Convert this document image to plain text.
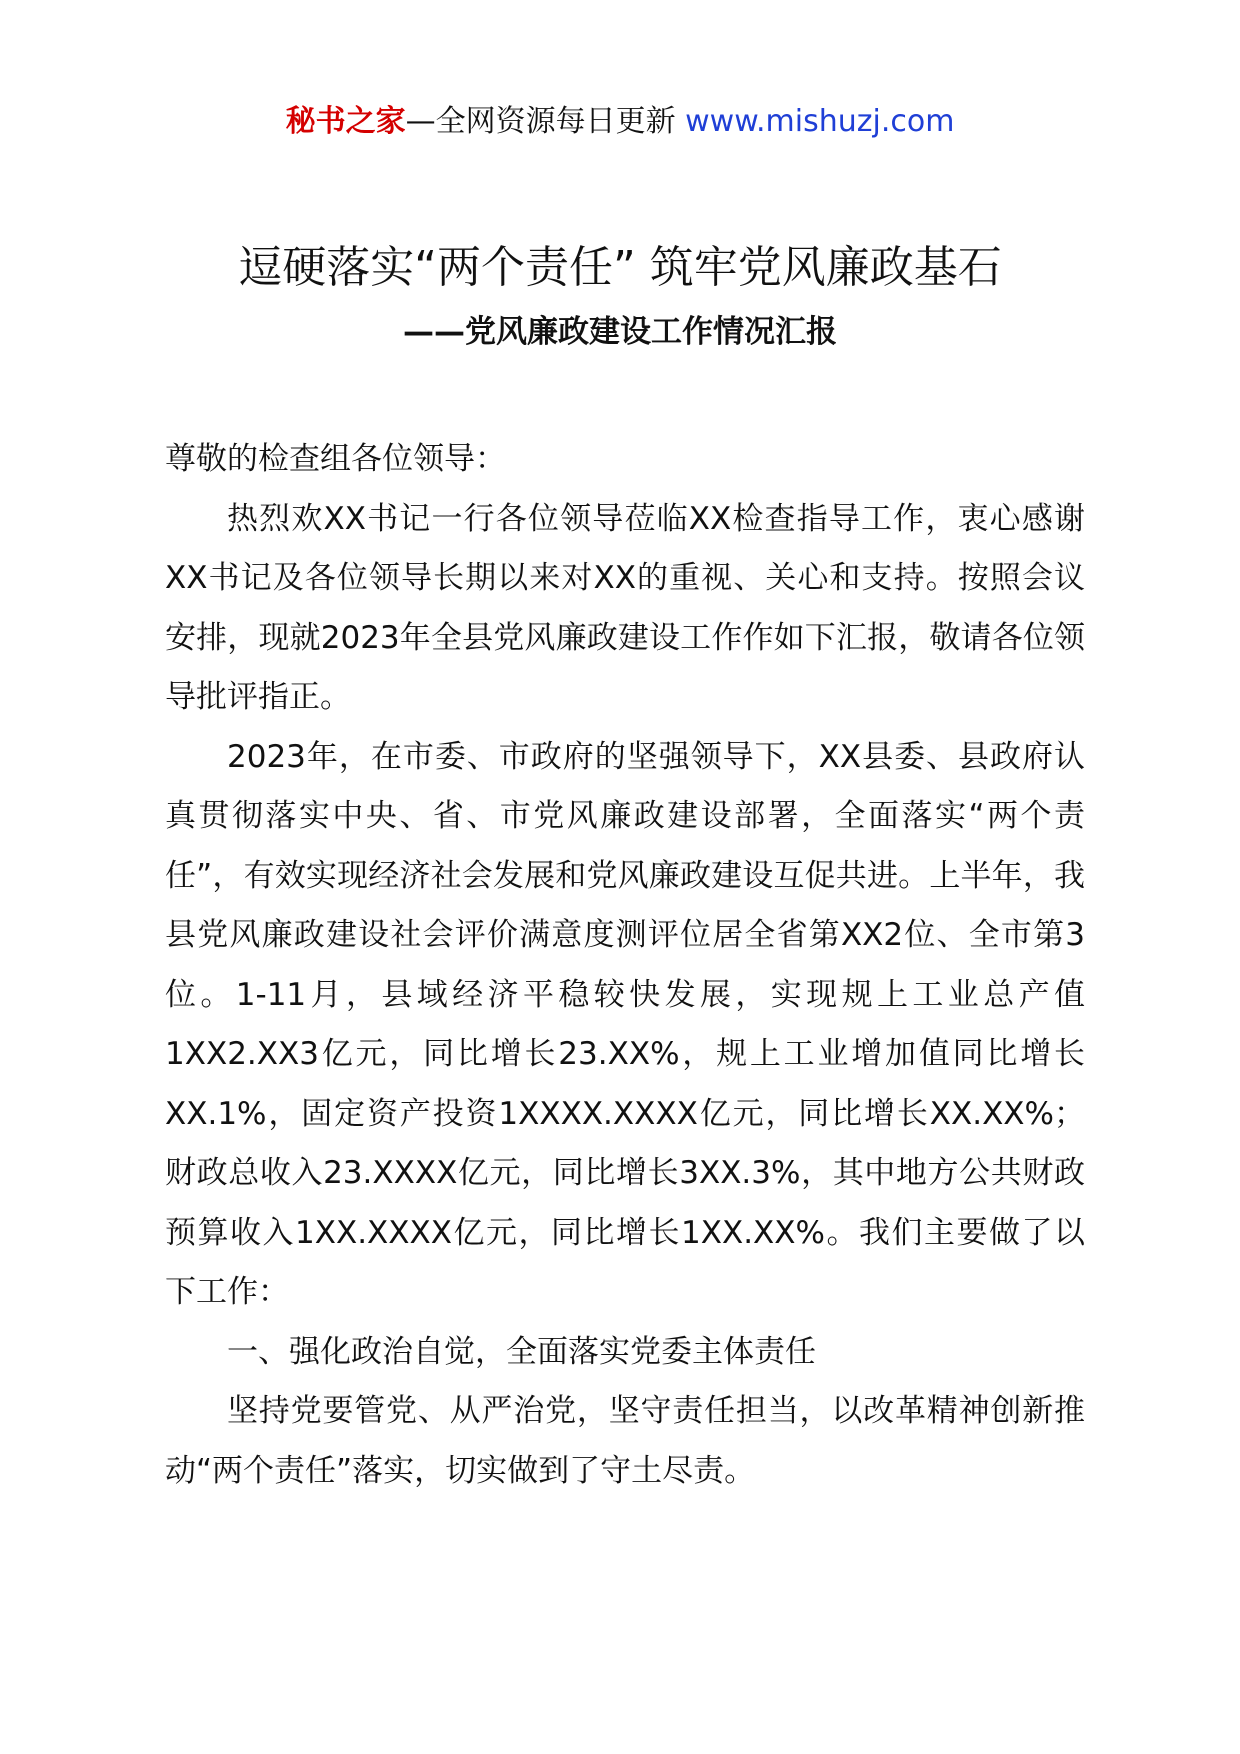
秘书之家—全网资源每日更新 www.mishuzj.com
逗硬落实“两个责任” 筑牢党风廉政基石
——党风廉政建设工作情况汇报

尊敬的检查组各位领导：

热烈欢XX书记一行各位领导莅临XX检查指导工作，衷心感谢XX书记及各位领导长期以来对XX的重视、关心和支持。按照会议安排，现就2023年全县党风廉政建设工作作如下汇报，敬请各位领导批评指正。

2023年，在市委、市政府的坚强领导下，XX县委、县政府认真贯彻落实中央、省、市党风廉政建设部署，全面落实“两个责任”，有效实现经济社会发展和党风廉政建设互促共进。上半年，我县党风廉政建设社会评价满意度测评位居全省第XX2位、全市第3位。1-11月，县域经济平稳较快发展，实现规上工业总产值1XX2.XX3亿元，同比增长23.XX%，规上工业增加值同比增长XX.1%，固定资产投资1XXXX.XXXX亿元，同比增长XX.XX%；财政总收入23.XXXX亿元，同比增长3XX.3%，其中地方公共财政预算收入1XX.XXXX亿元，同比增长1XX.XX%。我们主要做了以下工作：

一、强化政治自觉，全面落实党委主体责任

坚持党要管党、从严治党，坚守责任担当，以改革精神创新推动“两个责任”落实，切实做到了守土尽责。
